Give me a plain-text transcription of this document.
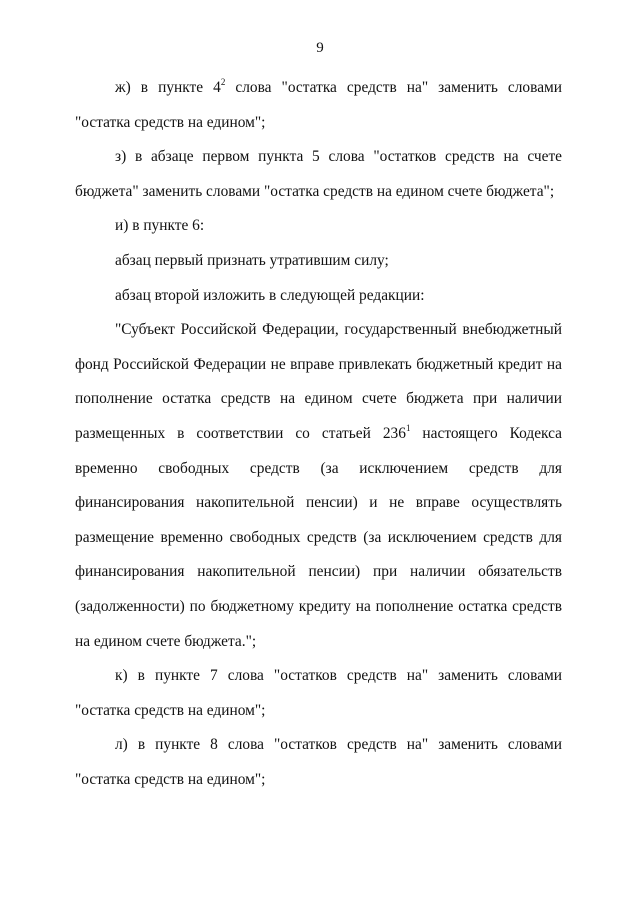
9

ж) в пункте $4^2$ слова "остатка средств на" заменить словами "остатка средств на едином";

з) в абзаце первом пункта 5 слова "остатков средств на счете бюджета" заменить словами "остатка средств на едином счете бюджета";

и) в пункте 6:

абзац первый признать утратившим силу;

абзац второй изложить в следующей редакции:

"Субъект Российской Федерации, государственный внебюджетный фонд Российской Федерации не вправе привлекать бюджетный кредит на пополнение остатка средств на едином счете бюджета при наличии размещенных в соответствии со статьей $236^1$ настоящего Кодекса временно свободных средств (за исключением средств для финансирования накопительной пенсии) и не вправе осуществлять размещение временно свободных средств (за исключением средств для финансирования накопительной пенсии) при наличии обязательств (задолженности) по бюджетному кредиту на пополнение остатка средств на едином счете бюджета.";

к) в пункте 7 слова "остатков средств на" заменить словами "остатка средств на едином";

л) в пункте 8 слова "остатков средств на" заменить словами "остатка средств на едином";
